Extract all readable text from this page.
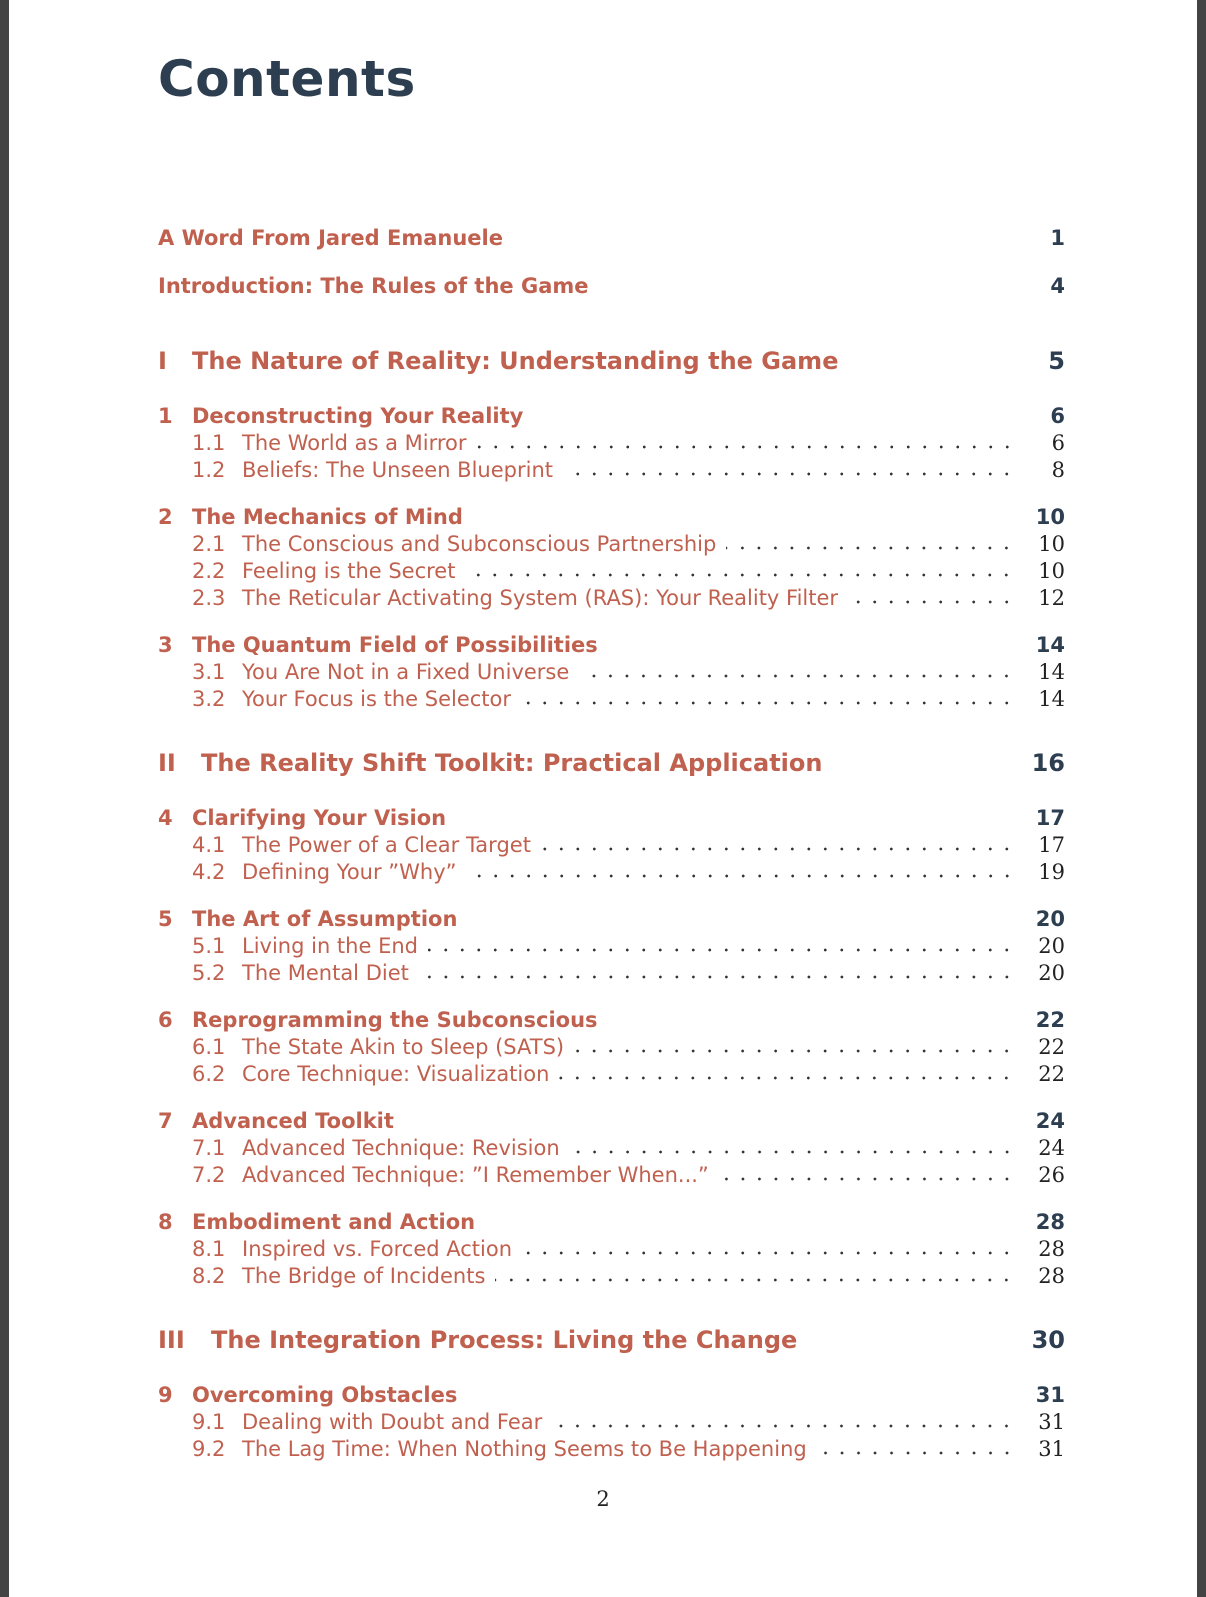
Contents
A Word From Jared Emanuele	1
Introduction: The Rules of the Game	4
I	The Nature of Reality: Understanding the Game	5
1 Deconstructing Your Reality	6
1.1 The World as a Mirror	6
1.2 Beliefs: The Unseen Blueprint	8
2 The Mechanics of Mind	10
2.1 The Conscious and Subconscious Partnership	10
2.2 Feeling is the Secret	10
2.3 The Reticular Activating System (RAS): Your Reality Filter	12
3 The Quantum Field of Possibilities	14
3.1 You Are Not in a Fixed Universe	14
3.2 Your Focus is the Selector	14
II	The Reality Shift Toolkit: Practical Application	16
4 Clarifying Your Vision	17
4.1 The Power of a Clear Target	17
4.2 Defining Your ”Why”	19
5 The Art of Assumption	20
5.1 Living in the End	20
5.2 The Mental Diet	20
6 Reprogramming the Subconscious	22
6.1 The State Akin to Sleep (SATS)	22
6.2 Core Technique: Visualization	22
7 Advanced Toolkit	24
7.1 Advanced Technique: Revision	24
7.2 Advanced Technique: ”I Remember When...”	26
8 Embodiment and Action	28
8.1 Inspired vs. Forced Action	28
8.2 The Bridge of Incidents	28
III	The Integration Process: Living the Change	30
9 Overcoming Obstacles	31
9.1 Dealing with Doubt and Fear	31
9.2 The Lag Time: When Nothing Seems to Be Happening	31
2
